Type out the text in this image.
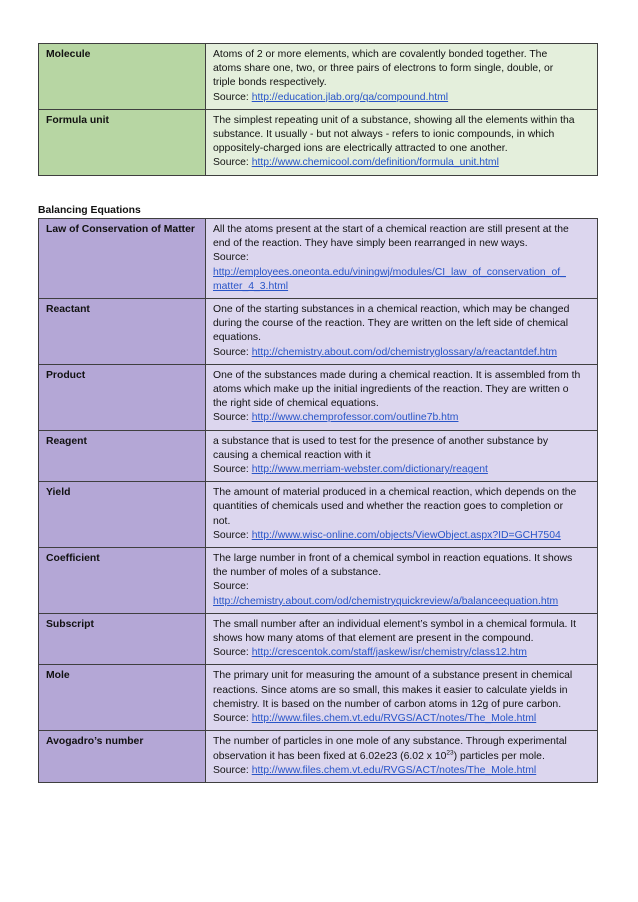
Molecule	Atoms of 2 or more elements, which are covalently bonded together. The
atoms share one, two, or three pairs of electrons to form single, double, or
triple bonds respectively.
Source: http://education.jlab.org/qa/compound.html

Formula unit	The simplest repeating unit of a substance, showing all the elements within tha
substance. It usually - but not always - refers to ionic compounds, in which
oppositely-charged ions are electrically attracted to one another.
Source: http://www.chemicool.com/definition/formula_unit.html
Balancing Equations
Law of Conservation of Matter	All the atoms present at the start of a chemical reaction are still present at the
end of the reaction. They have simply been rearranged in new ways.
Source:
http://employees.oneonta.edu/viningwj/modules/CI_law_of_conservation_of_
matter_4_3.html

Reactant	One of the starting substances in a chemical reaction, which may be changed
during the course of the reaction. They are written on the left side of chemical
equations.
Source: http://chemistry.about.com/od/chemistryglossary/a/reactantdef.htm

Product	One of the substances made during a chemical reaction. It is assembled from th
atoms which make up the initial ingredients of the reaction. They are written o
the right side of chemical equations.
Source: http://www.chemprofessor.com/outline7b.htm

Reagent	a substance that is used to test for the presence of another substance by
causing a chemical reaction with it
Source: http://www.merriam-webster.com/dictionary/reagent

Yield	The amount of material produced in a chemical reaction, which depends on the
quantities of chemicals used and whether the reaction goes to completion or
not.
Source: http://www.wisc-online.com/objects/ViewObject.aspx?ID=GCH7504

Coefficient	The large number in front of a chemical symbol in reaction equations. It shows
the number of moles of a substance.
Source:
http://chemistry.about.com/od/chemistryquickreview/a/balanceequation.htm

Subscript	The small number after an individual element’s symbol in a chemical formula. It
shows how many atoms of that element are present in the compound.
Source: http://crescentok.com/staff/jaskew/isr/chemistry/class12.htm

Mole	The primary unit for measuring the amount of a substance present in chemical
reactions. Since atoms are so small, this makes it easier to calculate yields in
chemistry. It is based on the number of carbon atoms in 12g of pure carbon.
Source: http://www.files.chem.vt.edu/RVGS/ACT/notes/The_Mole.html

Avogadro’s number	The number of particles in one mole of any substance. Through experimental
observation it has been fixed at 6.02e23 (6.02 x $10^{23}$) particles per mole.
Source: http://www.files.chem.vt.edu/RVGS/ACT/notes/The_Mole.html
